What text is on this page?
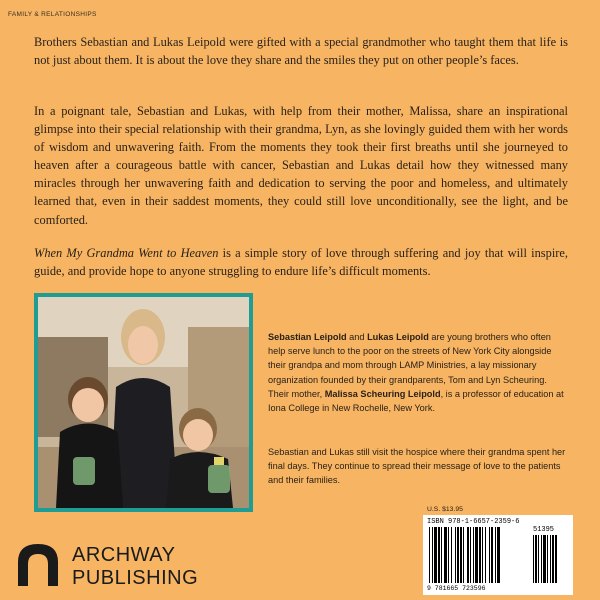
FAMILY & RELATIONSHIPS

Brothers Sebastian and Lukas Leipold were gifted with a special grandmother who taught them that life is not just about them. It is about the love they share and the smiles they put on other people’s faces.

In a poignant tale, Sebastian and Lukas, with help from their mother, Malissa, share an inspirational glimpse into their special relationship with their grandma, Lyn, as she lovingly guided them with her words of wisdom and unwavering faith. From the moments they took their first breaths until she journeyed to heaven after a courageous battle with cancer, Sebastian and Lukas detail how they witnessed many miracles through her unwavering faith and dedication to serving the poor and homeless, and ultimately learned that, even in their saddest moments, they could still love unconditionally, see the light, and be comforted.

When My Grandma Went to Heaven is a simple story of love through suffering and joy that will inspire, guide, and provide hope to anyone struggling to endure life’s difficult moments.

Sebastian Leipold and Lukas Leipold are young brothers who often help serve lunch to the poor on the streets of New York City alongside their grandpa and mom through LAMP Ministries, a lay missionary organization founded by their grandparents, Tom and Lyn Scheuring. Their mother, Malissa Scheuring Leipold, is a professor of education at Iona College in New Rochelle, New York.

Sebastian and Lukas still visit the hospice where their grandma spent her final days. They continue to spread their message of love to the patients and their families.

U.S. $13.95
ISBN 978-1-6657-2359-6
51395
9 781665 723596
ARCHWAY
PUBLISHING
